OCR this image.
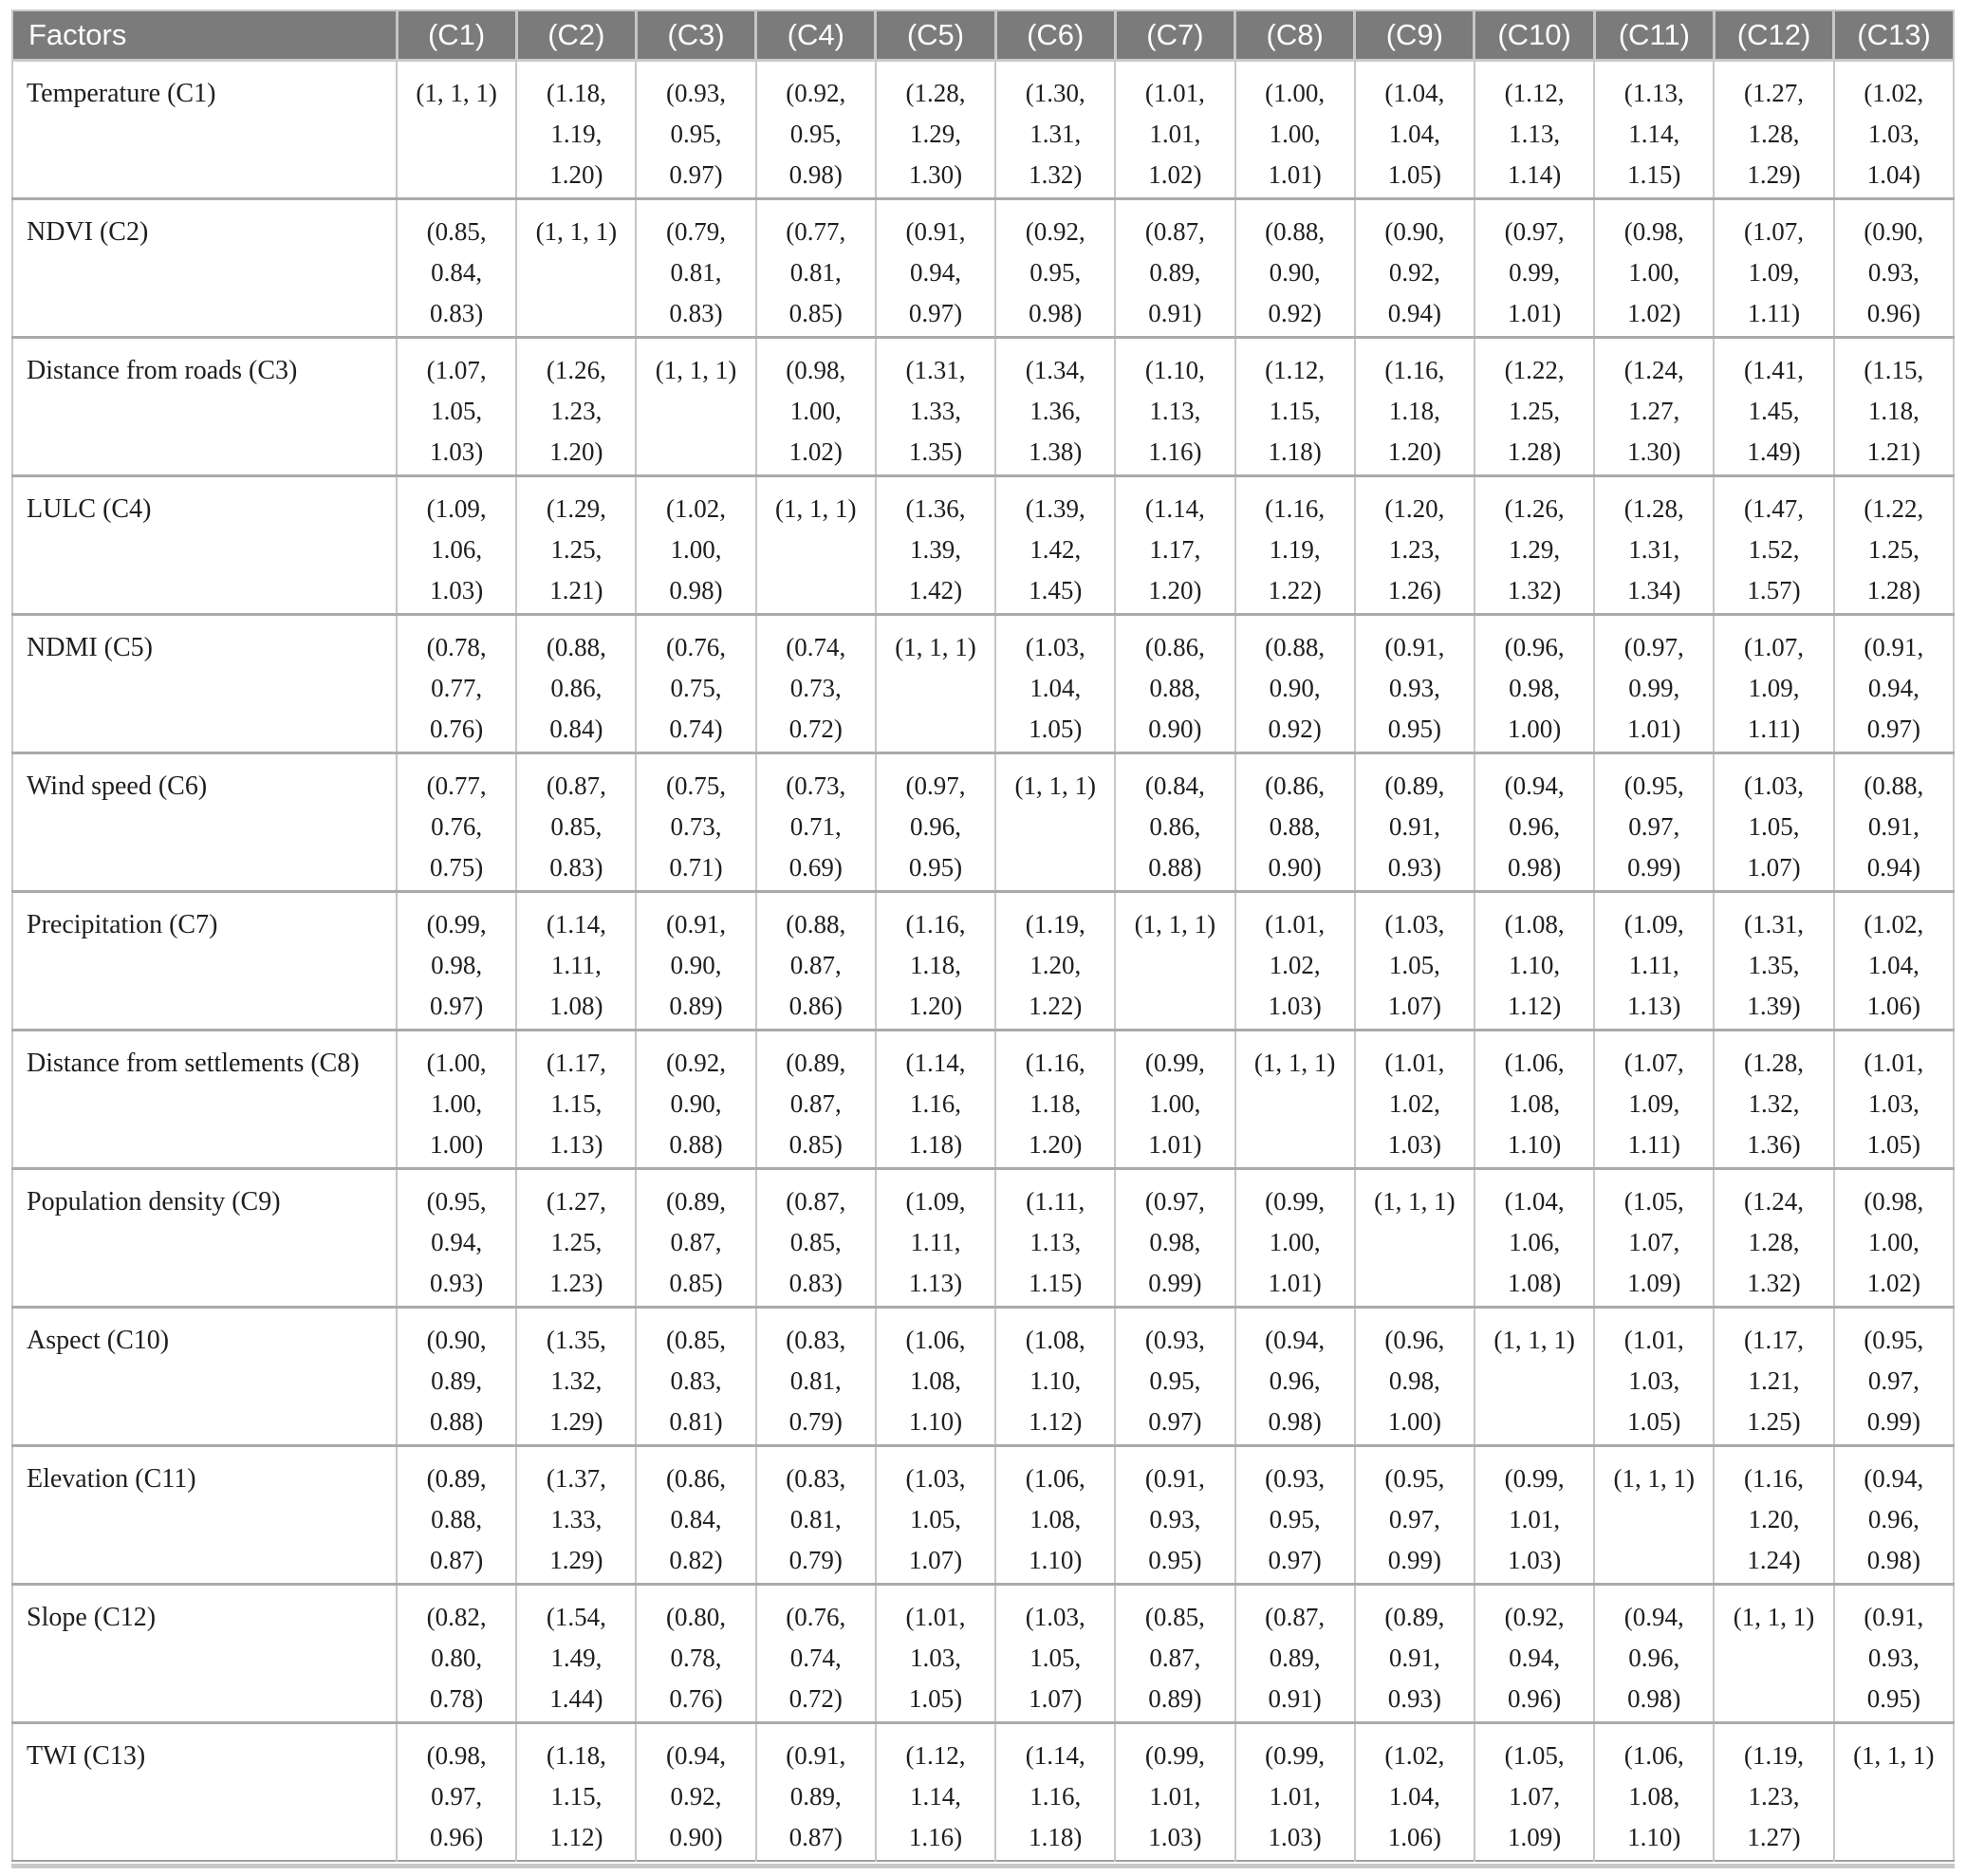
Factors	(C1)	(C2)	(C3)	(C4)	(C5)	(C6)	(C7)	(C8)	(C9)	(C10)	(C11)	(C12)	(C13)
Temperature (C1)	(1, 1, 1)	(1.18,
1.19,
1.20)	(0.93,
0.95,
0.97)	(0.92,
0.95,
0.98)	(1.28,
1.29,
1.30)	(1.30,
1.31,
1.32)	(1.01,
1.01,
1.02)	(1.00,
1.00,
1.01)	(1.04,
1.04,
1.05)	(1.12,
1.13,
1.14)	(1.13,
1.14,
1.15)	(1.27,
1.28,
1.29)	(1.02,
1.03,
1.04)

NDVI (C2)	(0.85,
0.84,
0.83)	(1, 1, 1)	(0.79,
0.81,
0.83)	(0.77,
0.81,
0.85)	(0.91,
0.94,
0.97)	(0.92,
0.95,
0.98)	(0.87,
0.89,
0.91)	(0.88,
0.90,
0.92)	(0.90,
0.92,
0.94)	(0.97,
0.99,
1.01)	(0.98,
1.00,
1.02)	(1.07,
1.09,
1.11)	(0.90,
0.93,
0.96)

Distance from roads (C3)	(1.07,
1.05,
1.03)	(1.26,
1.23,
1.20)	(1, 1, 1)	(0.98,
1.00,
1.02)	(1.31,
1.33,
1.35)	(1.34,
1.36,
1.38)	(1.10,
1.13,
1.16)	(1.12,
1.15,
1.18)	(1.16,
1.18,
1.20)	(1.22,
1.25,
1.28)	(1.24,
1.27,
1.30)	(1.41,
1.45,
1.49)	(1.15,
1.18,
1.21)

LULC (C4)	(1.09,
1.06,
1.03)	(1.29,
1.25,
1.21)	(1.02,
1.00,
0.98)	(1, 1, 1)	(1.36,
1.39,
1.42)	(1.39,
1.42,
1.45)	(1.14,
1.17,
1.20)	(1.16,
1.19,
1.22)	(1.20,
1.23,
1.26)	(1.26,
1.29,
1.32)	(1.28,
1.31,
1.34)	(1.47,
1.52,
1.57)	(1.22,
1.25,
1.28)

NDMI (C5)	(0.78,
0.77,
0.76)	(0.88,
0.86,
0.84)	(0.76,
0.75,
0.74)	(0.74,
0.73,
0.72)	(1, 1, 1)	(1.03,
1.04,
1.05)	(0.86,
0.88,
0.90)	(0.88,
0.90,
0.92)	(0.91,
0.93,
0.95)	(0.96,
0.98,
1.00)	(0.97,
0.99,
1.01)	(1.07,
1.09,
1.11)	(0.91,
0.94,
0.97)

Wind speed (C6)	(0.77,
0.76,
0.75)	(0.87,
0.85,
0.83)	(0.75,
0.73,
0.71)	(0.73,
0.71,
0.69)	(0.97,
0.96,
0.95)	(1, 1, 1)	(0.84,
0.86,
0.88)	(0.86,
0.88,
0.90)	(0.89,
0.91,
0.93)	(0.94,
0.96,
0.98)	(0.95,
0.97,
0.99)	(1.03,
1.05,
1.07)	(0.88,
0.91,
0.94)

Precipitation (C7)	(0.99,
0.98,
0.97)	(1.14,
1.11,
1.08)	(0.91,
0.90,
0.89)	(0.88,
0.87,
0.86)	(1.16,
1.18,
1.20)	(1.19,
1.20,
1.22)	(1, 1, 1)	(1.01,
1.02,
1.03)	(1.03,
1.05,
1.07)	(1.08,
1.10,
1.12)	(1.09,
1.11,
1.13)	(1.31,
1.35,
1.39)	(1.02,
1.04,
1.06)

Distance from settlements (C8)	(1.00,
1.00,
1.00)	(1.17,
1.15,
1.13)	(0.92,
0.90,
0.88)	(0.89,
0.87,
0.85)	(1.14,
1.16,
1.18)	(1.16,
1.18,
1.20)	(0.99,
1.00,
1.01)	(1, 1, 1)	(1.01,
1.02,
1.03)	(1.06,
1.08,
1.10)	(1.07,
1.09,
1.11)	(1.28,
1.32,
1.36)	(1.01,
1.03,
1.05)

Population density (C9)	(0.95,
0.94,
0.93)	(1.27,
1.25,
1.23)	(0.89,
0.87,
0.85)	(0.87,
0.85,
0.83)	(1.09,
1.11,
1.13)	(1.11,
1.13,
1.15)	(0.97,
0.98,
0.99)	(0.99,
1.00,
1.01)	(1, 1, 1)	(1.04,
1.06,
1.08)	(1.05,
1.07,
1.09)	(1.24,
1.28,
1.32)	(0.98,
1.00,
1.02)

Aspect (C10)	(0.90,
0.89,
0.88)	(1.35,
1.32,
1.29)	(0.85,
0.83,
0.81)	(0.83,
0.81,
0.79)	(1.06,
1.08,
1.10)	(1.08,
1.10,
1.12)	(0.93,
0.95,
0.97)	(0.94,
0.96,
0.98)	(0.96,
0.98,
1.00)	(1, 1, 1)	(1.01,
1.03,
1.05)	(1.17,
1.21,
1.25)	(0.95,
0.97,
0.99)

Elevation (C11)	(0.89,
0.88,
0.87)	(1.37,
1.33,
1.29)	(0.86,
0.84,
0.82)	(0.83,
0.81,
0.79)	(1.03,
1.05,
1.07)	(1.06,
1.08,
1.10)	(0.91,
0.93,
0.95)	(0.93,
0.95,
0.97)	(0.95,
0.97,
0.99)	(0.99,
1.01,
1.03)	(1, 1, 1)	(1.16,
1.20,
1.24)	(0.94,
0.96,
0.98)

Slope (C12)	(0.82,
0.80,
0.78)	(1.54,
1.49,
1.44)	(0.80,
0.78,
0.76)	(0.76,
0.74,
0.72)	(1.01,
1.03,
1.05)	(1.03,
1.05,
1.07)	(0.85,
0.87,
0.89)	(0.87,
0.89,
0.91)	(0.89,
0.91,
0.93)	(0.92,
0.94,
0.96)	(0.94,
0.96,
0.98)	(1, 1, 1)	(0.91,
0.93,
0.95)

TWI (C13)	(0.98,
0.97,
0.96)	(1.18,
1.15,
1.12)	(0.94,
0.92,
0.90)	(0.91,
0.89,
0.87)	(1.12,
1.14,
1.16)	(1.14,
1.16,
1.18)	(0.99,
1.01,
1.03)	(0.99,
1.01,
1.03)	(1.02,
1.04,
1.06)	(1.05,
1.07,
1.09)	(1.06,
1.08,
1.10)	(1.19,
1.23,
1.27)	(1, 1, 1)
